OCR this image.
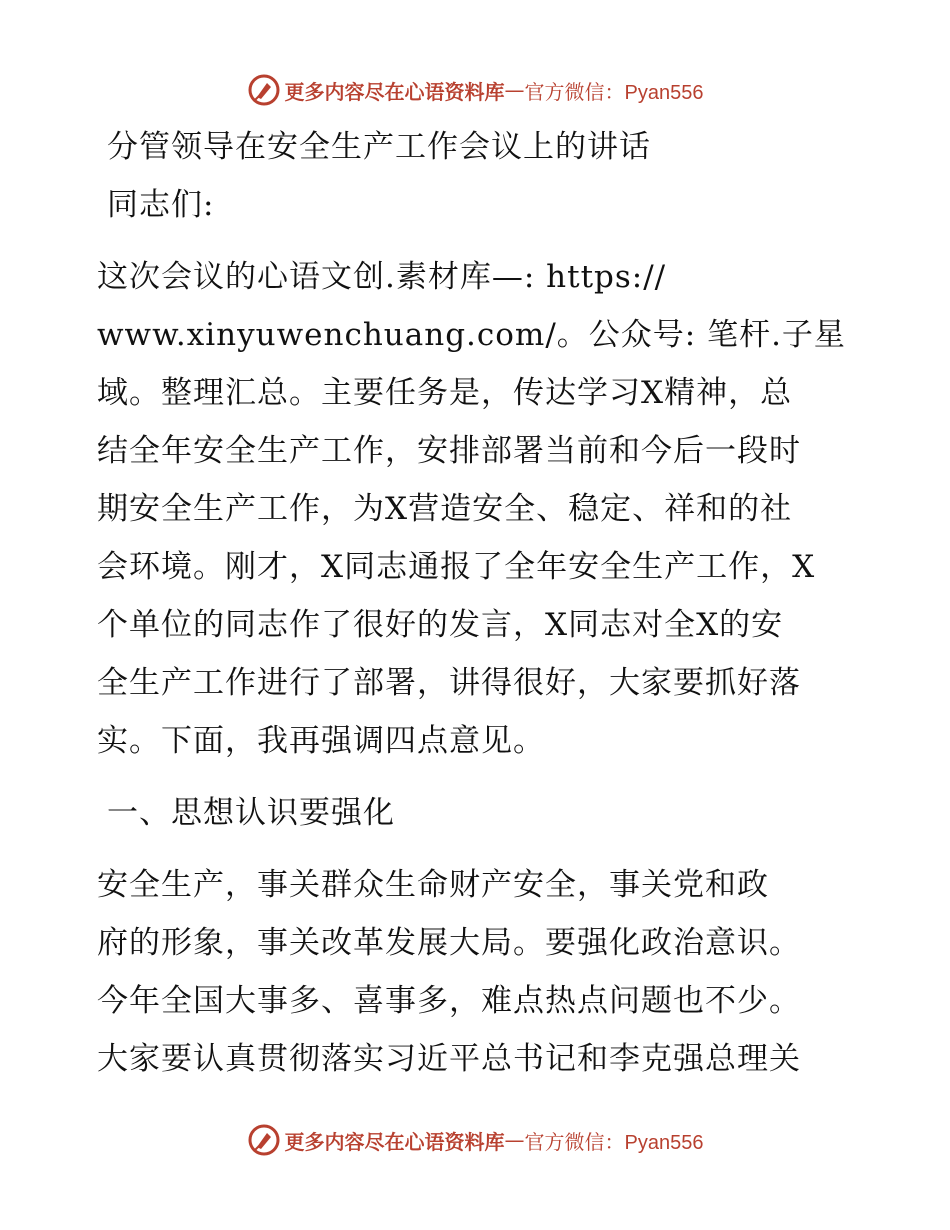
更多内容尽在心语资料库 — 官方微信：Pyan556
分管领导在安全生产工作会议上的讲话
同志们:
这次会议的心语文创.素材库—: https://
www.xinyuwenchuang.com/。公众号: 笔杆.子星
域。整理汇总。主要任务是，传达学习X精神，总
结全年安全生产工作，安排部署当前和今后一段时
期安全生产工作，为X营造安全、稳定、祥和的社
会环境。刚才，X同志通报了全年安全生产工作，X
个单位的同志作了很好的发言，X同志对全X的安
全生产工作进行了部署，讲得很好，大家要抓好落
实。下面，我再强调四点意见。
一、思想认识要强化
安全生产，事关群众生命财产安全，事关党和政
府的形象，事关改革发展大局。要强化政治意识。
今年全国大事多、喜事多，难点热点问题也不少。
大家要认真贯彻落实习近平总书记和李克强总理关
更多内容尽在心语资料库 — 官方微信：Pyan556
